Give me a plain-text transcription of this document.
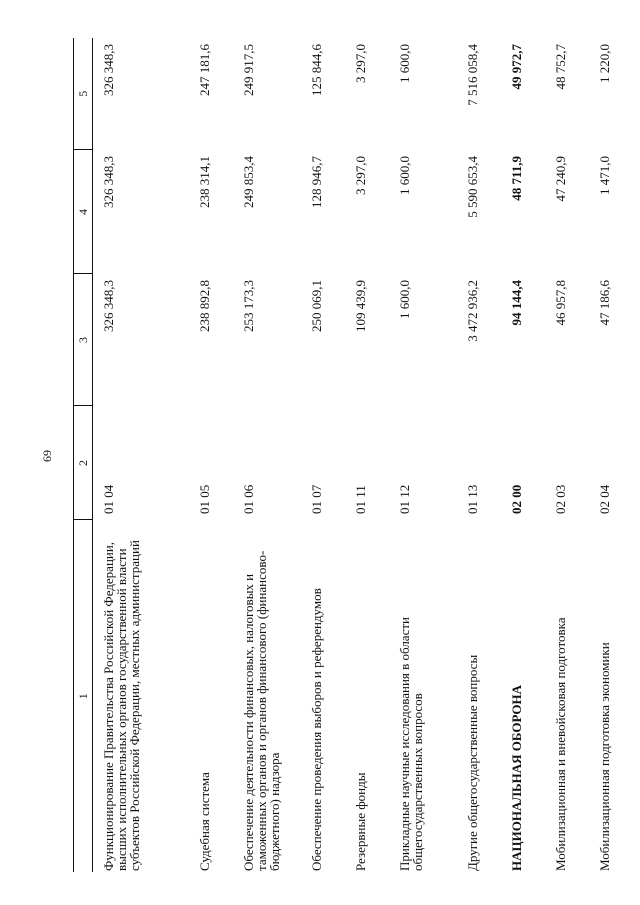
69
1	2	3	4	5
Функционирование Правительства Российской Федерации, высших исполнительных органов государственной власти субъектов Российской Федерации, местных администраций	01 04	326 348,3	326 348,3	326 348,3
Судебная система	01 05	238 892,8	238 314,1	247 181,6
Обеспечение деятельности финансовых, налоговых и таможенных органов и органов финансового (финансово-бюджетного) надзора	01 06	253 173,3	249 853,4	249 917,5
Обеспечение проведения выборов и референдумов	01 07	250 069,1	128 946,7	125 844,6
Резервные фонды	01 11	109 439,9	3 297,0	3 297,0
Прикладные научные исследования в области общегосударственных вопросов	01 12	1 600,0	1 600,0	1 600,0
Другие общегосударственные вопросы	01 13	3 472 936,2	5 590 653,4	7 516 058,4
НАЦИОНАЛЬНАЯ ОБОРОНА	02 00	94 144,4	48 711,9	49 972,7
Мобилизационная и вневойсковая подготовка	02 03	46 957,8	47 240,9	48 752,7
Мобилизационная подготовка экономики	02 04	47 186,6	1 471,0	1 220,0
